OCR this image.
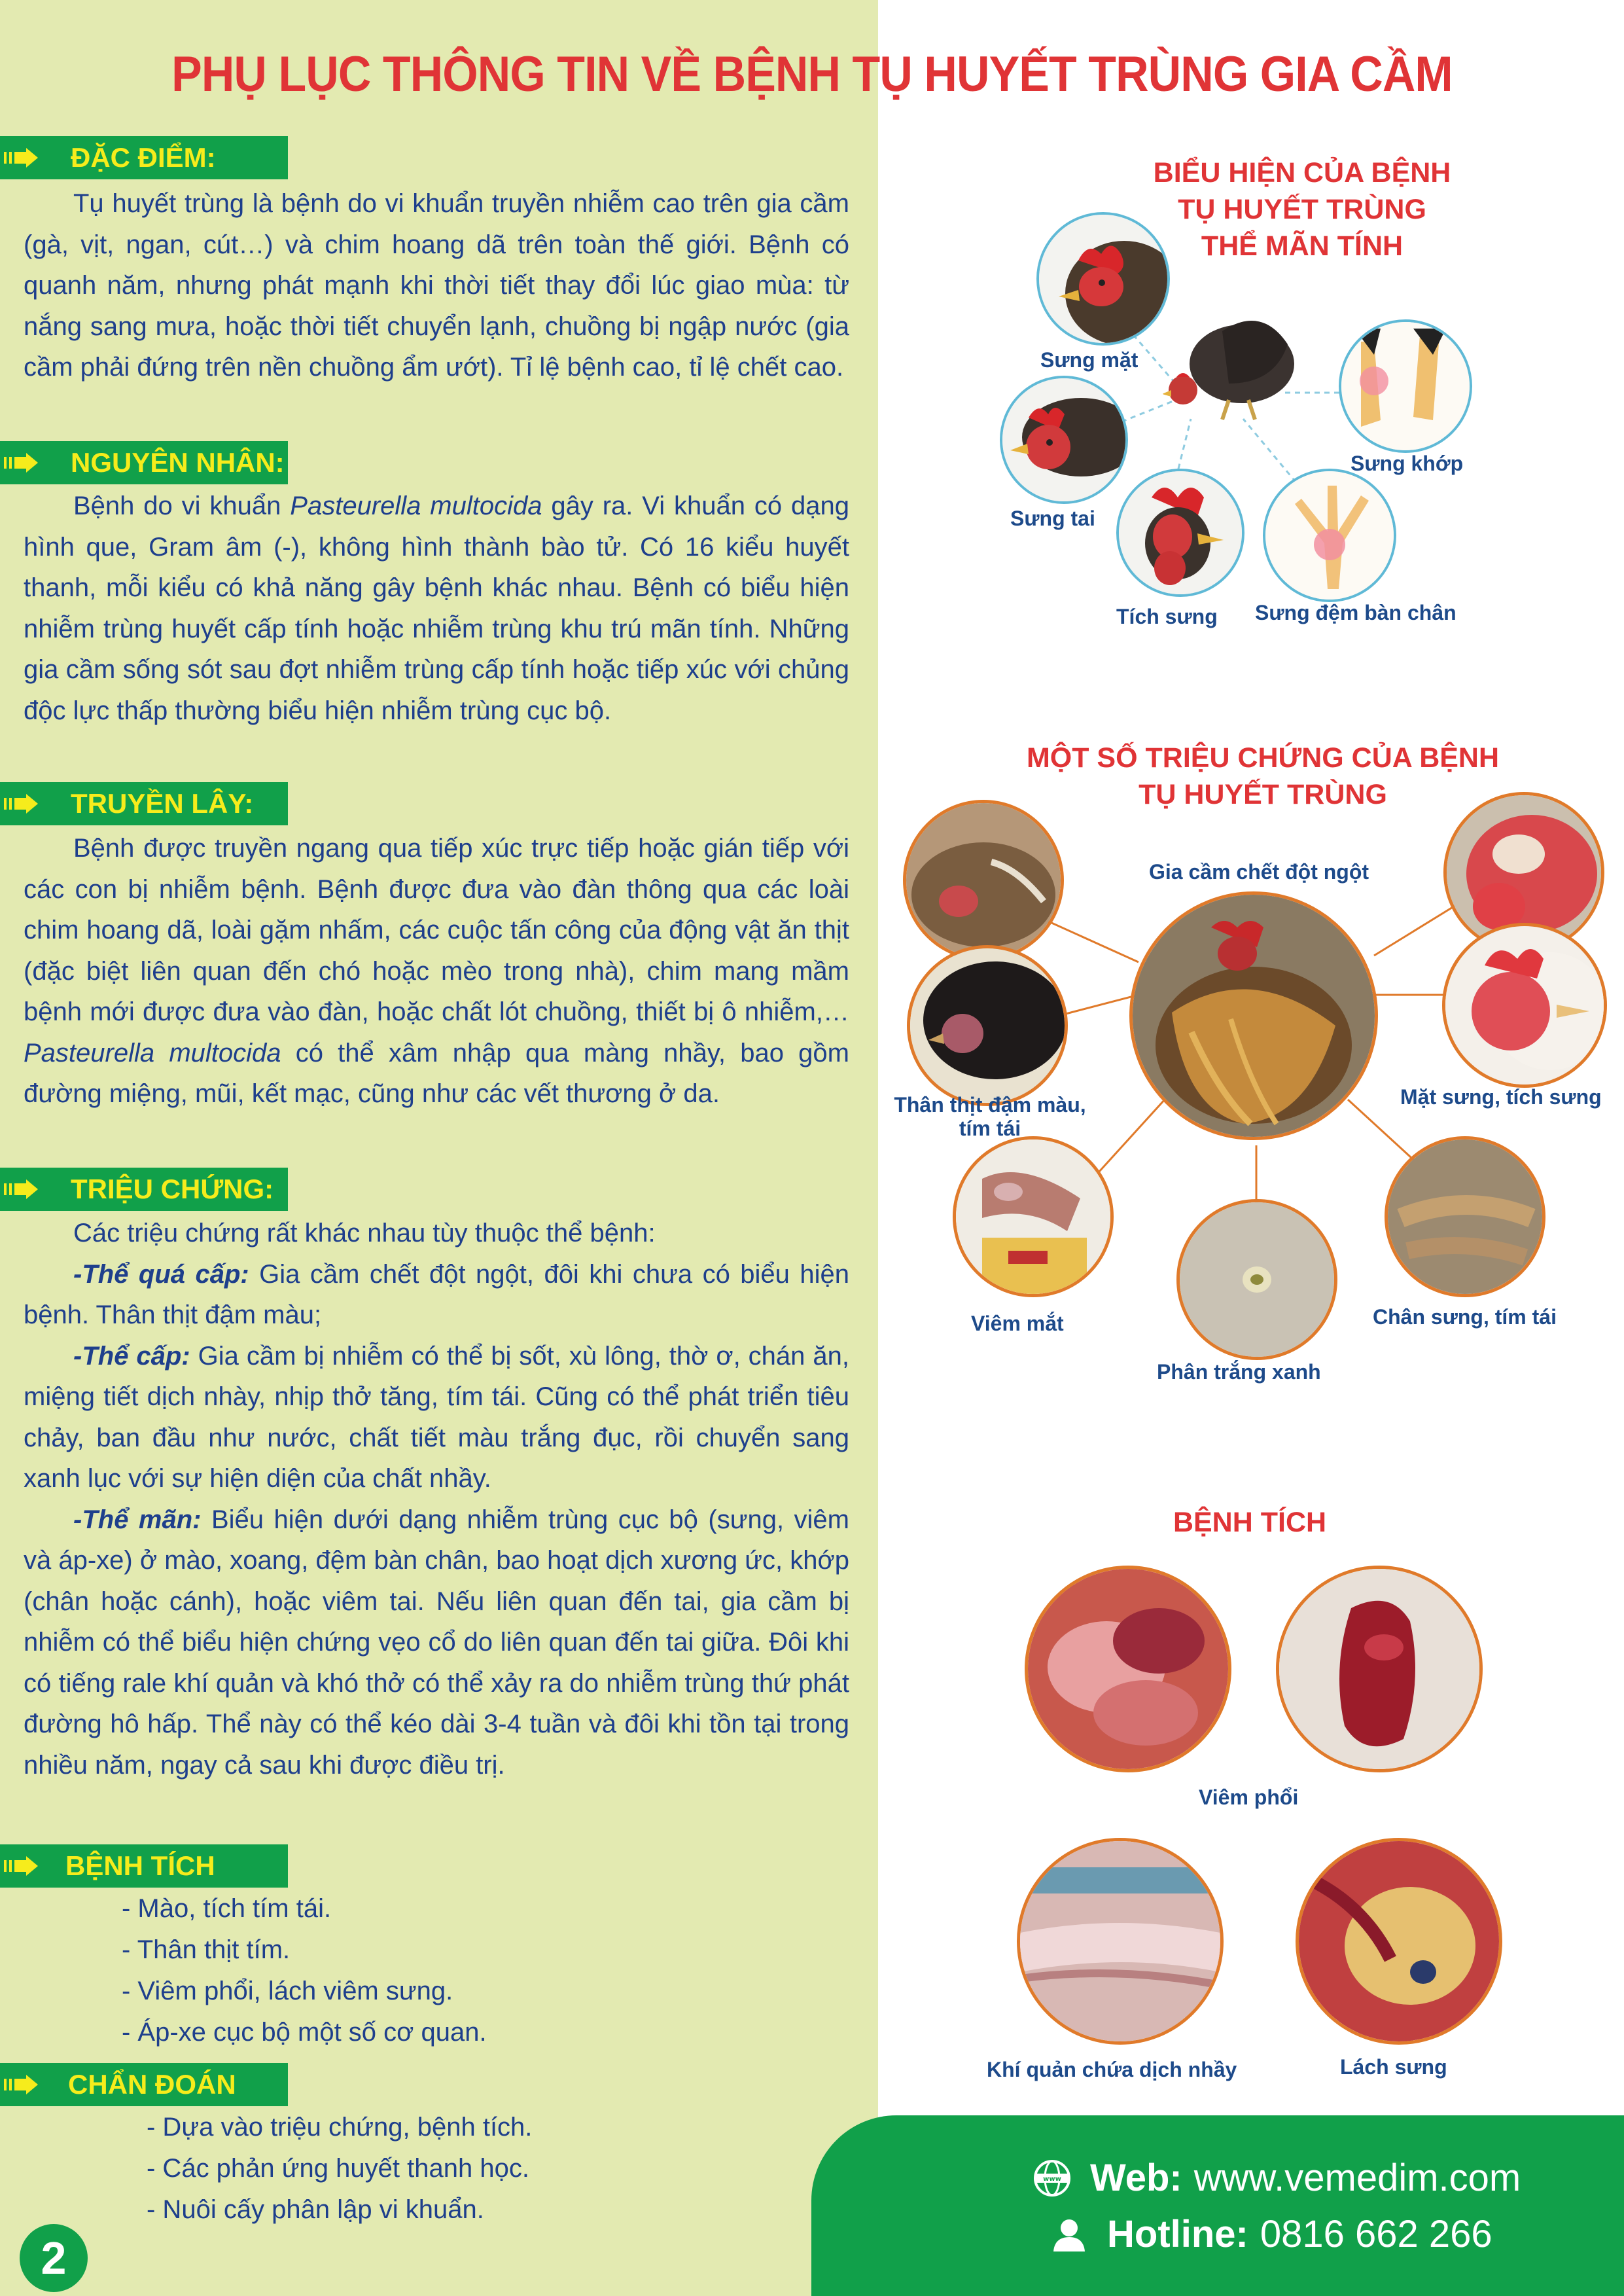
PHỤ LỤC THÔNG TIN VỀ BỆNH TỤ HUYẾT TRÙNG GIA CẦM
ĐẶC ĐIỂM:

Tụ huyết trùng là bệnh do vi khuẩn truyền nhiễm cao trên gia cầm (gà, vịt, ngan, cút…) và chim hoang dã trên toàn thế giới. Bệnh có quanh năm, nhưng phát mạnh khi thời tiết thay đổi lúc giao mùa: từ nắng sang mưa, hoặc thời tiết chuyển lạnh, chuồng bị ngập nước (gia cầm phải đứng trên nền chuồng ẩm ướt). Tỉ lệ bệnh cao, tỉ lệ chết cao.

NGUYÊN NHÂN:

Bệnh do vi khuẩn Pasteurella multocida gây ra. Vi khuẩn có dạng hình que, Gram âm (-), không hình thành bào tử. Có 16 kiểu huyết thanh, mỗi kiểu có khả năng gây bệnh khác nhau. Bệnh có biểu hiện nhiễm trùng huyết cấp tính hoặc nhiễm trùng khu trú mãn tính. Những gia cầm sống sót sau đợt nhiễm trùng cấp tính hoặc tiếp xúc với chủng độc lực thấp thường biểu hiện nhiễm trùng cục bộ.

TRUYỀN LÂY:

Bệnh được truyền ngang qua tiếp xúc trực tiếp hoặc gián tiếp với các con bị nhiễm bệnh. Bệnh được đưa vào đàn thông qua các loài chim hoang dã, loài gặm nhấm, các cuộc tấn công của động vật ăn thịt (đặc biệt liên quan đến chó hoặc mèo trong nhà), chim mang mầm bệnh mới được đưa vào đàn, hoặc chất lót chuồng, thiết bị ô nhiễm,… Pasteurella multocida có thể xâm nhập qua màng nhầy, bao gồm đường miệng, mũi, kết mạc, cũng như các vết thương ở da.

TRIỆU CHỨNG:

Các triệu chứng rất khác nhau tùy thuộc thể bệnh:

-Thể quá cấp: Gia cầm chết đột ngột, đôi khi chưa có biểu hiện bệnh. Thân thịt đậm màu;

-Thể cấp: Gia cầm bị nhiễm có thể bị sốt, xù lông, thờ ơ, chán ăn, miệng tiết dịch nhày, nhịp thở tăng, tím tái. Cũng có thể phát triển tiêu chảy, ban đầu như nước, chất tiết màu trắng đục, rồi chuyển sang xanh lục với sự hiện diện của chất nhầy.

-Thể mãn: Biểu hiện dưới dạng nhiễm trùng cục bộ (sưng, viêm và áp-xe) ở mào, xoang, đệm bàn chân, bao hoạt dịch xương ức, khớp (chân hoặc cánh), hoặc viêm tai. Nếu liên quan đến tai, gia cầm bị nhiễm có thể biểu hiện chứng vẹo cổ do liên quan đến tai giữa. Đôi khi có tiếng rale khí quản và khó thở có thể xảy ra do nhiễm trùng thứ phát đường hô hấp. Thể này có thể kéo dài 3-4 tuần và đôi khi tồn tại trong nhiều năm, ngay cả sau khi được điều trị.

BỆNH TÍCH
- Mào, tích tím tái.
- Thân thịt tím.
- Viêm phổi, lách viêm sưng.
- Áp-xe cục bộ một số cơ quan.
CHẨN ĐOÁN
- Dựa vào triệu chứng, bệnh tích.
- Các phản ứng huyết thanh học.
- Nuôi cấy phân lập vi khuẩn.
2
BIỂU HIỆN CỦA BỆNH
TỤ HUYẾT TRÙNG
THỂ MÃN TÍNH
Sưng mặt
Sưng khớp
Sưng tai
Tích sưng Sưng đệm bàn chân
MỘT SỐ TRIỆU CHỨNG CỦA BỆNH
TỤ HUYẾT TRÙNG
Gia cầm chết đột ngột
Thân thịt đậm màu,
tím tái
Mặt sưng, tích sưng
Viêm mắt	Chân sưng, tím tái
Phân trắng xanh
BỆNH TÍCH
Viêm phổi
Khí quản chứa dịch nhầy	Lách sưng
www Web: www.vemedim.com
Hotline: 0816 662 266
